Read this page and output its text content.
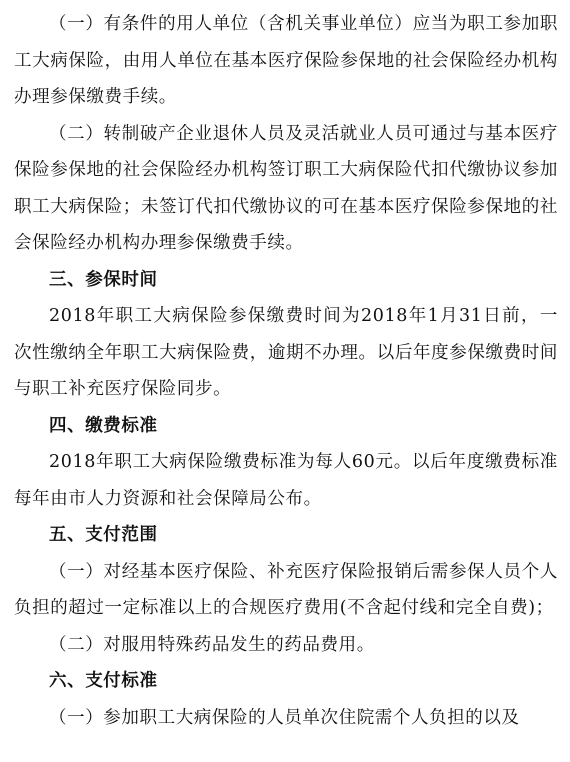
（一）有条件的用人单位（含机关事业单位）应当为职工参加职工大病保险，由用人单位在基本医疗保险参保地的社会保险经办机构办理参保缴费手续。

（二）转制破产企业退休人员及灵活就业人员可通过与基本医疗保险参保地的社会保险经办机构签订职工大病保险代扣代缴协议参加职工大病保险；未签订代扣代缴协议的可在基本医疗保险参保地的社会保险经办机构办理参保缴费手续。

三、参保时间

2018年职工大病保险参保缴费时间为2018年1月31日前，一次性缴纳全年职工大病保险费，逾期不办理。以后年度参保缴费时间与职工补充医疗保险同步。

四、缴费标准

2018年职工大病保险缴费标准为每人60元。以后年度缴费标准每年由市人力资源和社会保障局公布。

五、支付范围

（一）对经基本医疗保险、补充医疗保险报销后需参保人员个人负担的超过一定标准以上的合规医疗费用(不含起付线和完全自费)；

（二）对服用特殊药品发生的药品费用。

六、支付标准

（一）参加职工大病保险的人员单次住院需个人负担的以及
